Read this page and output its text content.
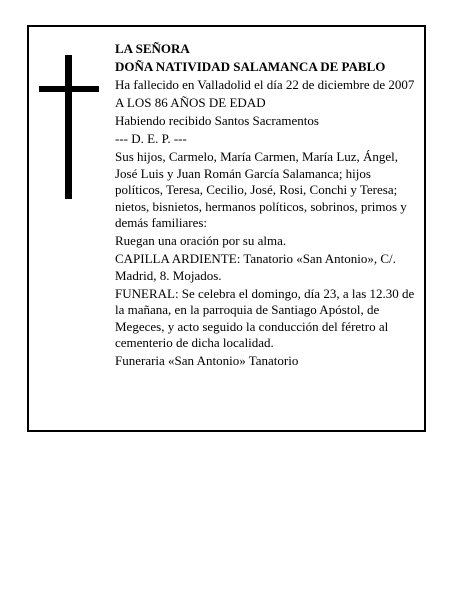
LA SEÑORA

DOÑA NATIVIDAD SALAMANCA DE PABLO

Ha fallecido en Valladolid el día 22 de diciembre de 2007

A LOS 86 AÑOS DE EDAD

Habiendo recibido Santos Sacramentos

--- D. E. P. ---

Sus hijos, Carmelo, María Carmen, María Luz, Ángel, José Luis y Juan Román García Salamanca; hijos políticos, Teresa, Cecilio, José, Rosi, Conchi y Teresa; nietos, bisnietos, hermanos políticos, sobrinos, primos y demás familiares:

Ruegan una oración por su alma.

CAPILLA ARDIENTE: Tanatorio «San Antonio», C/. Madrid, 8. Mojados.

FUNERAL: Se celebra el domingo, día 23, a las 12.30 de la mañana, en la parroquia de Santiago Apóstol, de Megeces, y acto seguido la conducción del féretro al cementerio de dicha localidad.

Funeraria «San Antonio» Tanatorio
